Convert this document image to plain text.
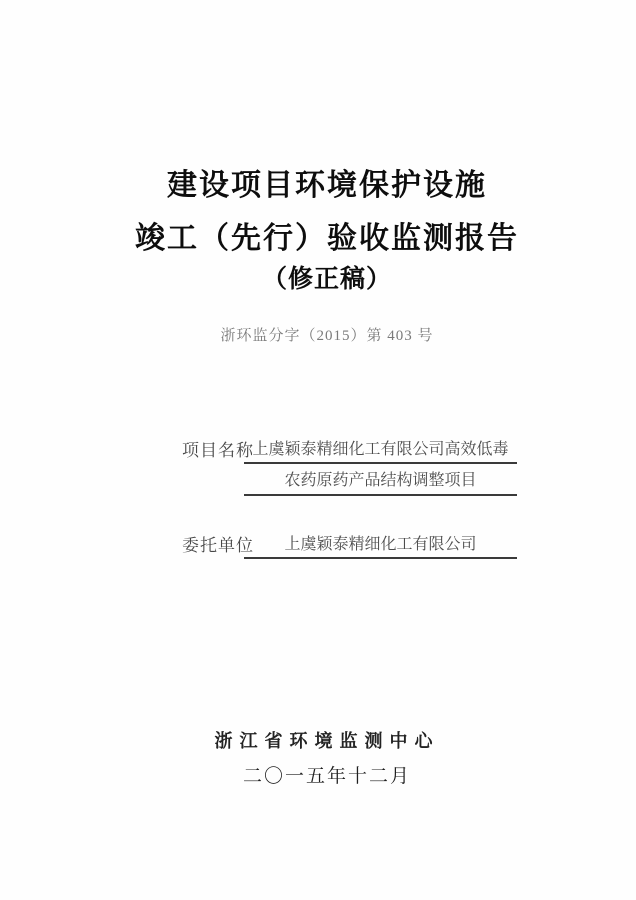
建设项目环境保护设施
竣工（先行）验收监测报告
（修正稿）
浙环监分字（2015）第 403 号
项目名称
上虞颖泰精细化工有限公司高效低毒
农药原药产品结构调整项目
委托单位	上虞颖泰精细化工有限公司
浙江省环境监测中心
二〇一五年十二月
